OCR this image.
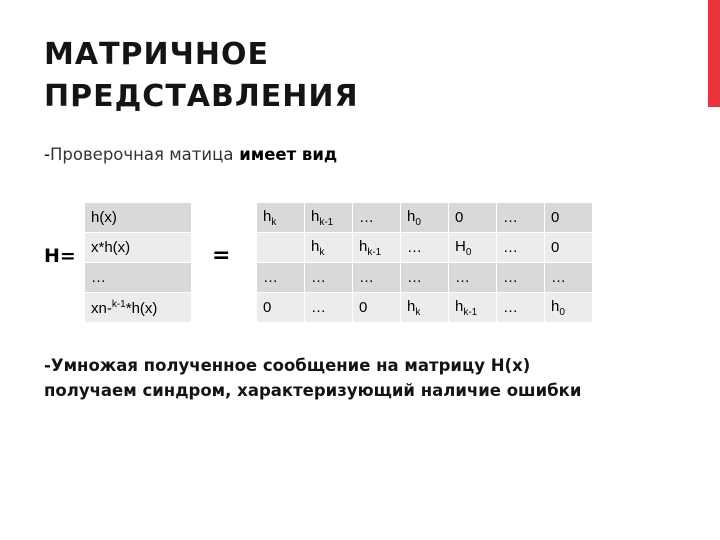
МАТРИЧНОЕ
ПРЕДСТАВЛЕНИЯ
-Проверочная матица имеет вид
H=	=
h(x)
x*h(x)
…
xn-$^{k-1}$*h(x)
$h_k$	$h_{k-1}$	…	$h_0$	0	…	0
	$h_k$	$h_{k-1}$	…	$H_0$	…	0
…	…	…	…	…	…	…
0	…	0	$h_k$	$h_{k-1}$	…	$h_0$
-Умножая полученное сообщение на матрицу H(x)
получаем синдром, характеризующий наличие ошибки
